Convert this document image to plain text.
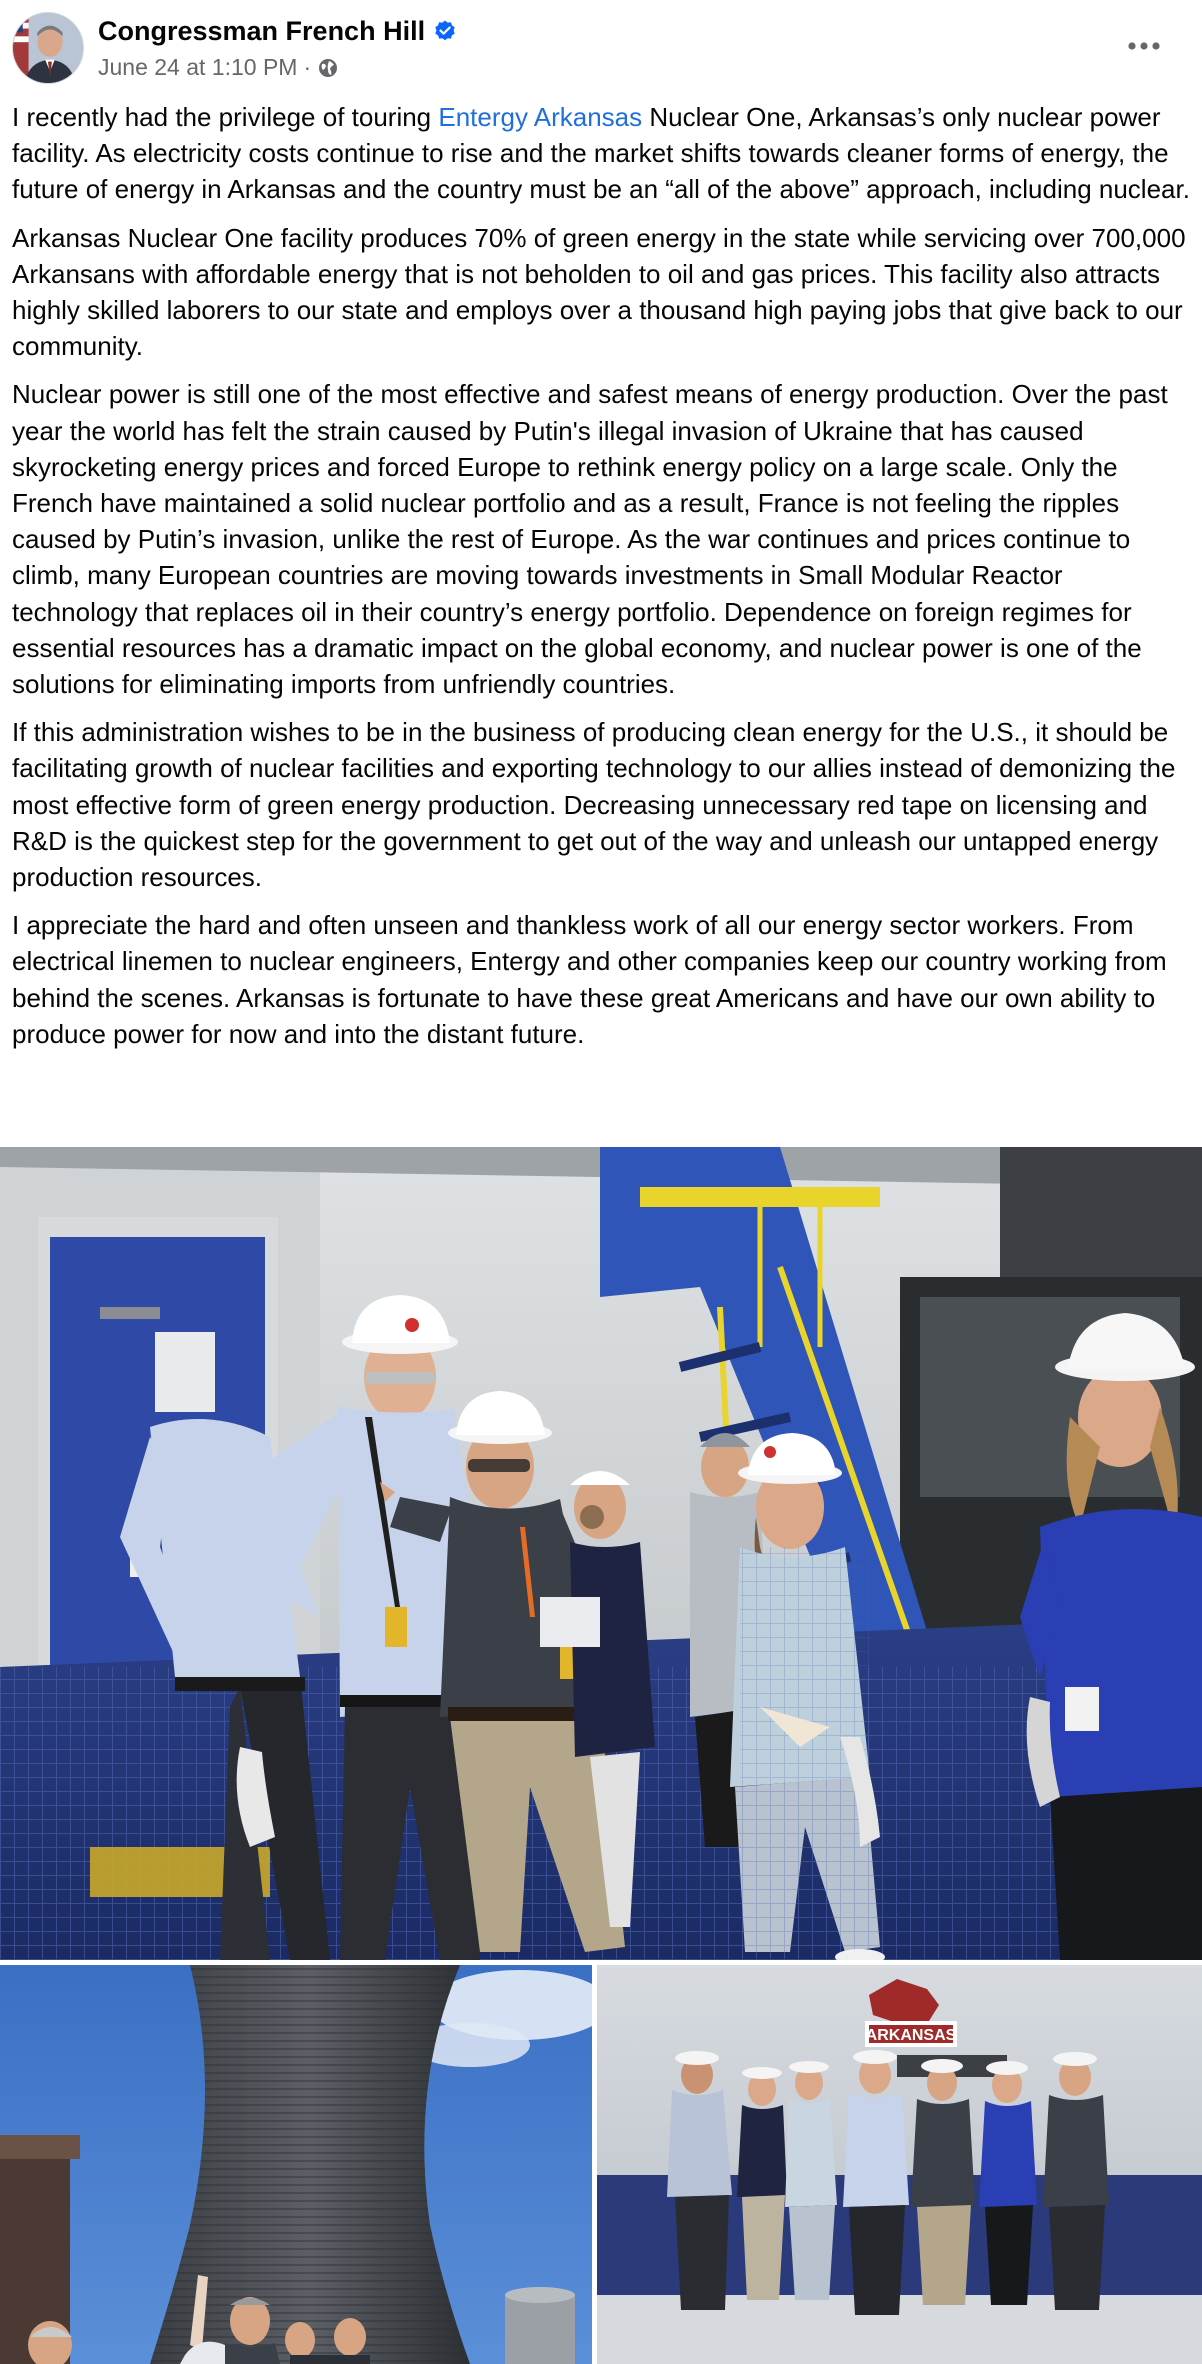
Congressman French Hill
June 24 at 1:10 PM ·

I recently had the privilege of touring Entergy Arkansas Nuclear One, Arkansas’s only nuclear power facility. As electricity costs continue to rise and the market shifts towards cleaner forms of energy, the future of energy in Arkansas and the country must be an “all of the above” approach, including nuclear.

Arkansas Nuclear One facility produces 70% of green energy in the state while servicing over 700,000 Arkansans with affordable energy that is not beholden to oil and gas prices. This facility also attracts highly skilled laborers to our state and employs over a thousand high paying jobs that give back to our community.

Nuclear power is still one of the most effective and safest means of energy production. Over the past year the world has felt the strain caused by Putin's illegal invasion of Ukraine that has caused skyrocketing energy prices and forced Europe to rethink energy policy on a large scale. Only the French have maintained a solid nuclear portfolio and as a result, France is not feeling the ripples caused by Putin’s invasion, unlike the rest of Europe. As the war continues and prices continue to climb, many European countries are moving towards investments in Small Modular Reactor technology that replaces oil in their country’s energy portfolio. Dependence on foreign regimes for essential resources has a dramatic impact on the global economy, and nuclear power is one of the solutions for eliminating imports from unfriendly countries.

If this administration wishes to be in the business of producing clean energy for the U.S., it should be facilitating growth of nuclear facilities and exporting technology to our allies instead of demonizing the most effective form of green energy production. Decreasing unnecessary red tape on licensing and R&D is the quickest step for the government to get out of the way and unleash our untapped energy production resources.

I appreciate the hard and often unseen and thankless work of all our energy sector workers. From electrical linemen to nuclear engineers, Entergy and other companies keep our country working from behind the scenes. Arkansas is fortunate to have these great Americans and have our own ability to produce power for now and into the distant future.

ARKANSAS
